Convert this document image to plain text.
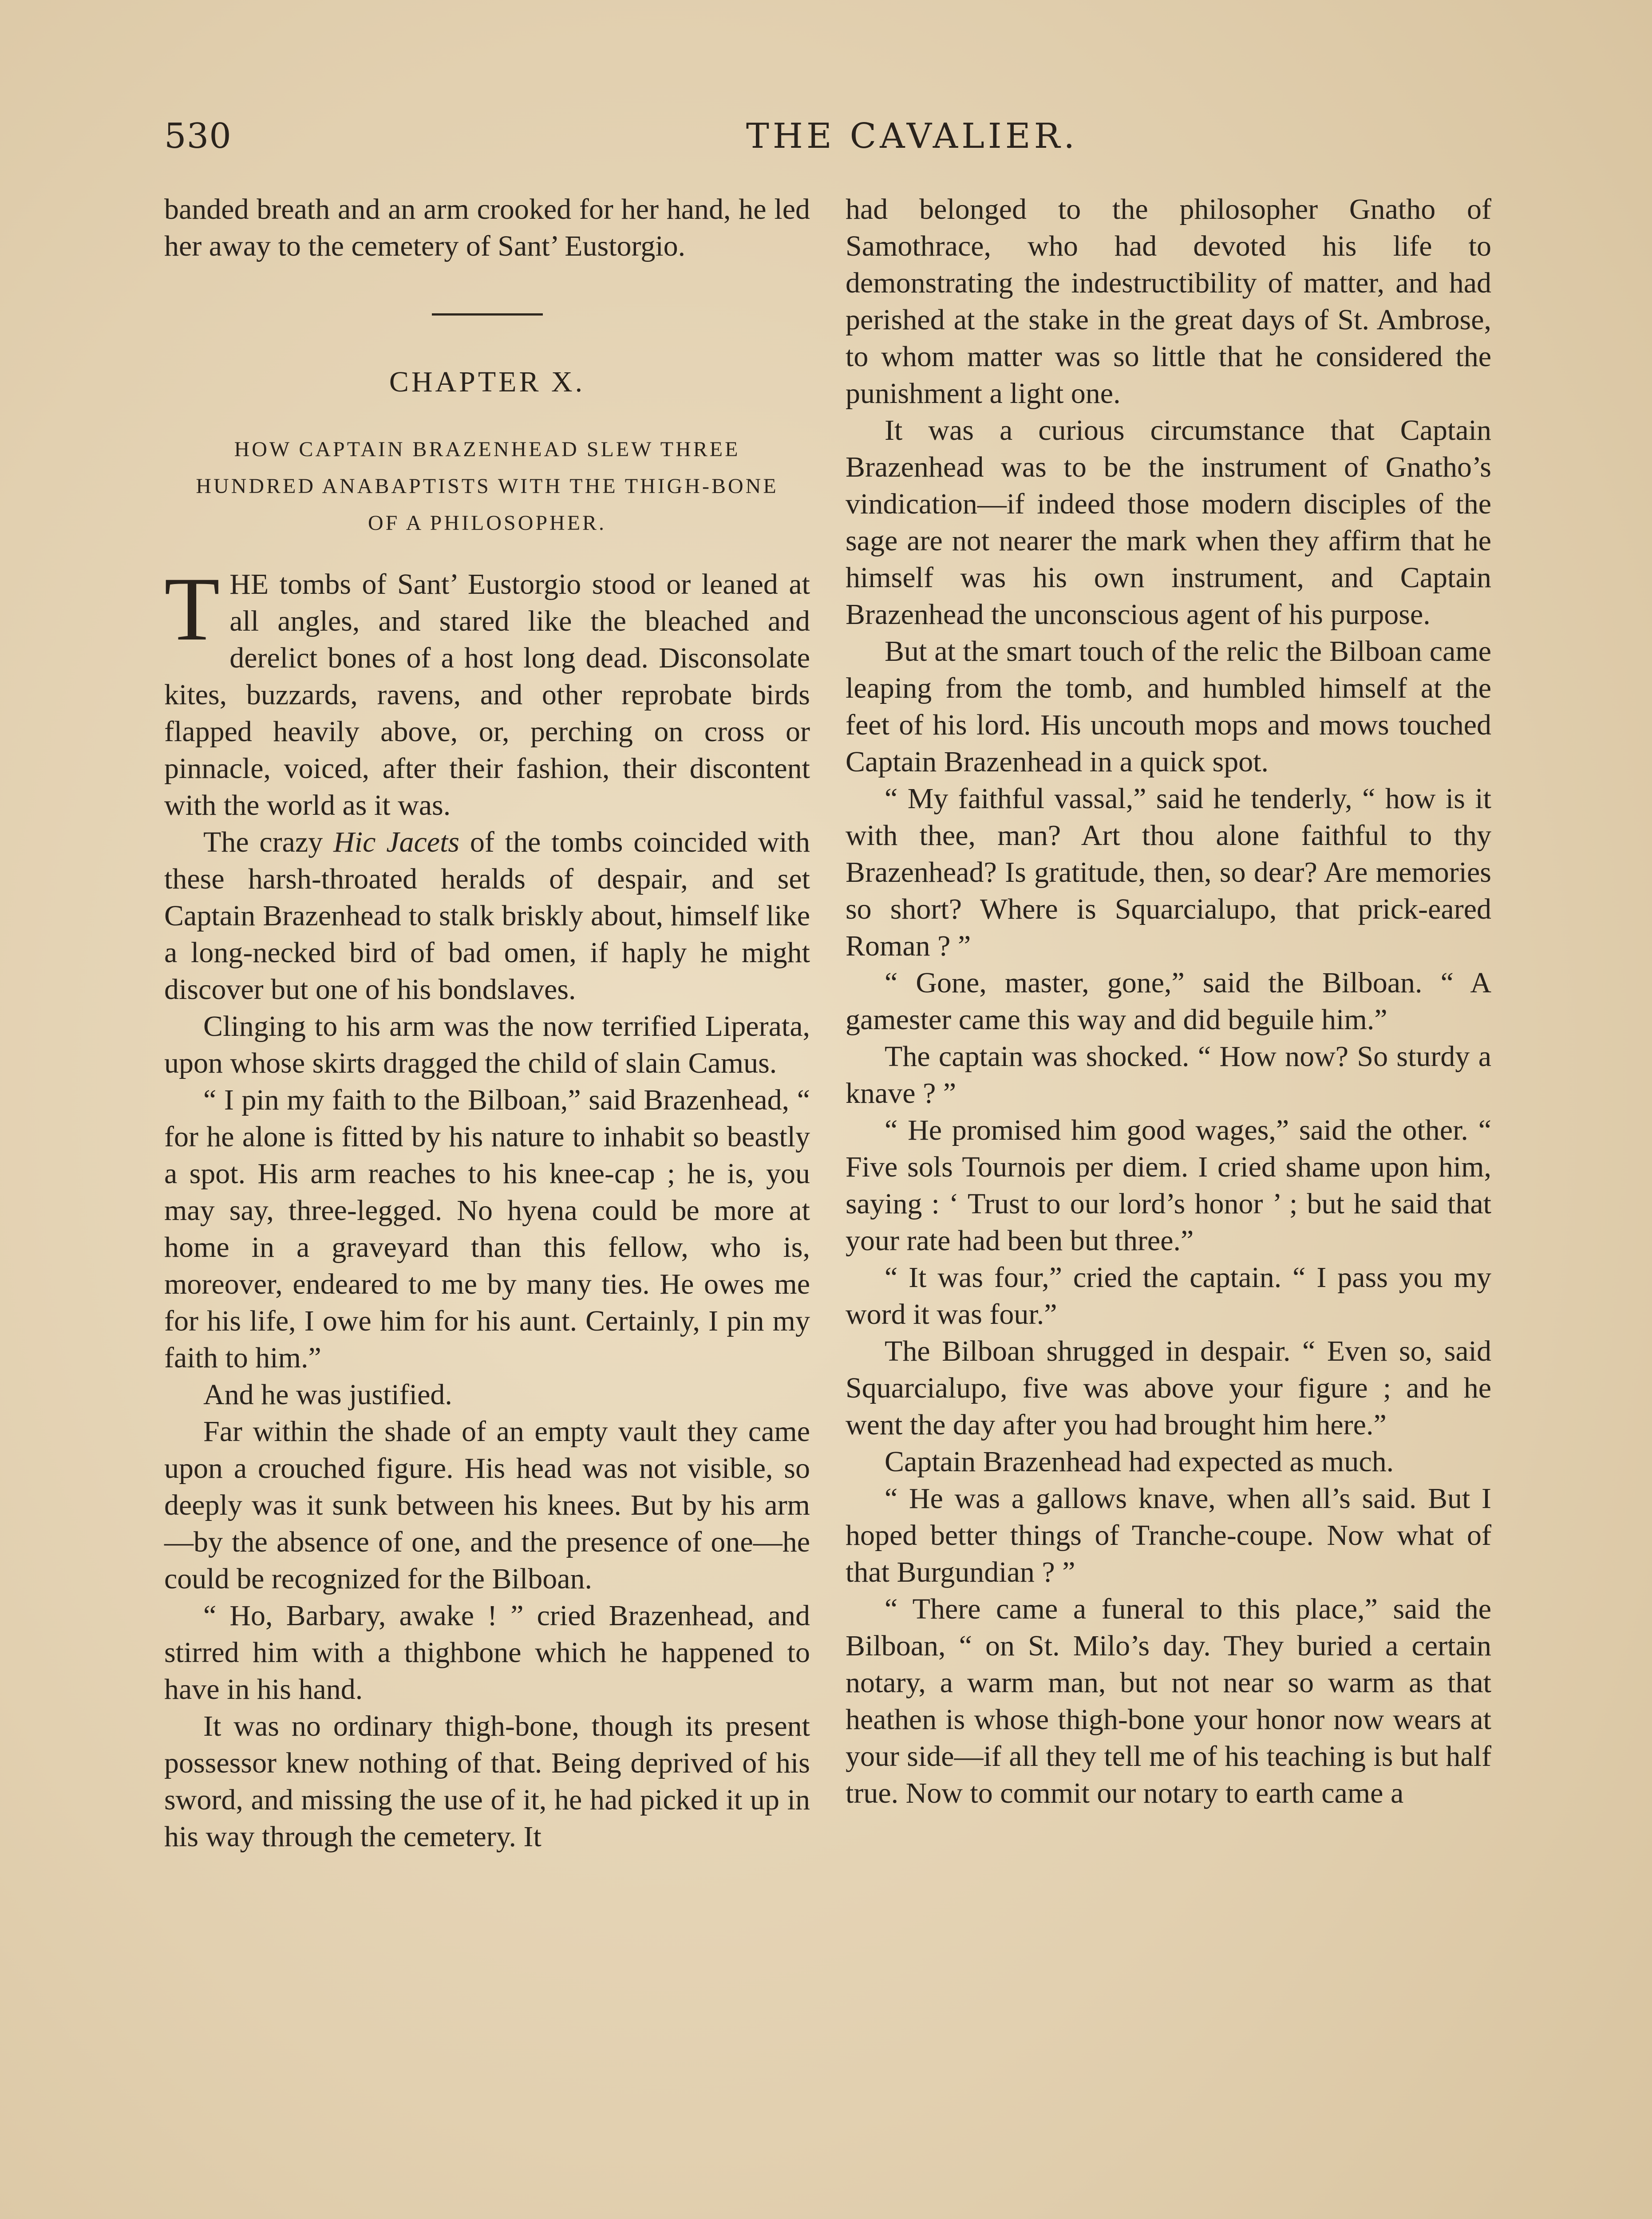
530	THE CAVALIER.

banded breath and an arm crooked for her hand, he led her away to the cemetery of Sant’ Eustorgio.

CHAPTER X.
HOW CAPTAIN BRAZENHEAD SLEW THREE HUNDRED ANABAPTISTS WITH THE THIGH-BONE OF A PHILOSOPHER.

THE tombs of Sant’ Eustorgio stood or leaned at all angles, and stared like the bleached and derelict bones of a host long dead. Disconsolate kites, buzzards, ravens, and other reprobate birds flapped heavily above, or, perching on cross or pinnacle, voiced, after their fashion, their discontent with the world as it was.

The crazy Hic Jacets of the tombs coincided with these harsh-throated heralds of despair, and set Captain Brazenhead to stalk briskly about, himself like a long-necked bird of bad omen, if haply he might discover but one of his bondslaves.

Clinging to his arm was the now terrified Liperata, upon whose skirts dragged the child of slain Camus.

“ I pin my faith to the Bilboan,” said Brazenhead, “ for he alone is fitted by his nature to inhabit so beastly a spot. His arm reaches to his knee-cap ; he is, you may say, three-legged. No hyena could be more at home in a graveyard than this fellow, who is, moreover, endeared to me by many ties. He owes me for his life, I owe him for his aunt. Certainly, I pin my faith to him.”

And he was justified.

Far within the shade of an empty vault they came upon a crouched figure. His head was not visible, so deeply was it sunk between his knees. But by his arm—by the absence of one, and the presence of one—he could be recognized for the Bilboan.

“ Ho, Barbary, awake ! ” cried Brazenhead, and stirred him with a thighbone which he happened to have in his hand.

It was no ordinary thigh-bone, though its present possessor knew nothing of that. Being deprived of his sword, and missing the use of it, he had picked it up in his way through the cemetery. It

had belonged to the philosopher Gnatho of Samothrace, who had devoted his life to demonstrating the indestructibility of matter, and had perished at the stake in the great days of St. Ambrose, to whom matter was so little that he considered the punishment a light one.

It was a curious circumstance that Captain Brazenhead was to be the instrument of Gnatho’s vindication—if indeed those modern disciples of the sage are not nearer the mark when they affirm that he himself was his own instrument, and Captain Brazenhead the unconscious agent of his purpose.

But at the smart touch of the relic the Bilboan came leaping from the tomb, and humbled himself at the feet of his lord. His uncouth mops and mows touched Captain Brazenhead in a quick spot.

“ My faithful vassal,” said he tenderly, “ how is it with thee, man? Art thou alone faithful to thy Brazenhead? Is gratitude, then, so dear? Are memories so short? Where is Squarcialupo, that prick-eared Roman ? ”

“ Gone, master, gone,” said the Bilboan. “ A gamester came this way and did beguile him.”

The captain was shocked. “ How now? So sturdy a knave ? ”

“ He promised him good wages,” said the other. “ Five sols Tournois per diem. I cried shame upon him, saying : ‘ Trust to our lord’s honor ’ ; but he said that your rate had been but three.”

“ It was four,” cried the captain. “ I pass you my word it was four.”

The Bilboan shrugged in despair. “ Even so, said Squarcialupo, five was above your figure ; and he went the day after you had brought him here.”

Captain Brazenhead had expected as much.

“ He was a gallows knave, when all’s said. But I hoped better things of Tranche-coupe. Now what of that Burgundian ? ”

“ There came a funeral to this place,” said the Bilboan, “ on St. Milo’s day. They buried a certain notary, a warm man, but not near so warm as that heathen is whose thigh-bone your honor now wears at your side—if all they tell me of his teaching is but half true. Now to commit our notary to earth came a
